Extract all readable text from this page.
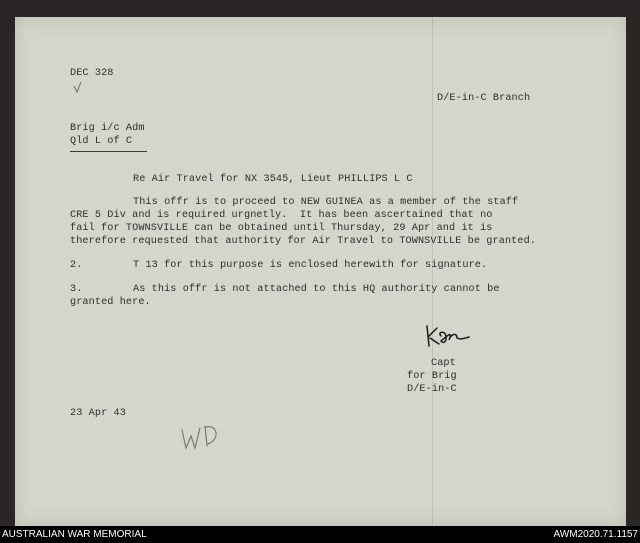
DEC 328
D/E-in-C Branch
Brig i/c Adm
Qld L of C
Re Air Travel for NX 3545, Lieut PHILLIPS L C
This offr is to proceed to NEW GUINEA as a member of the staff
CRE 5 Div and is required urgnetly.  It has been ascertained that no
fail for TOWNSVILLE can be obtained until Thursday, 29 Apr and it is
therefore requested that authority for Air Travel to TOWNSVILLE be granted.
2.	T 13 for this purpose is enclosed herewith for signature.
3.	As this offr is not attached to this HQ authority cannot be
granted here.
Capt
for Brig
D/E-in-C
23 Apr 43
AUSTRALIAN WAR MEMORIAL	AWM2020.71.1157
